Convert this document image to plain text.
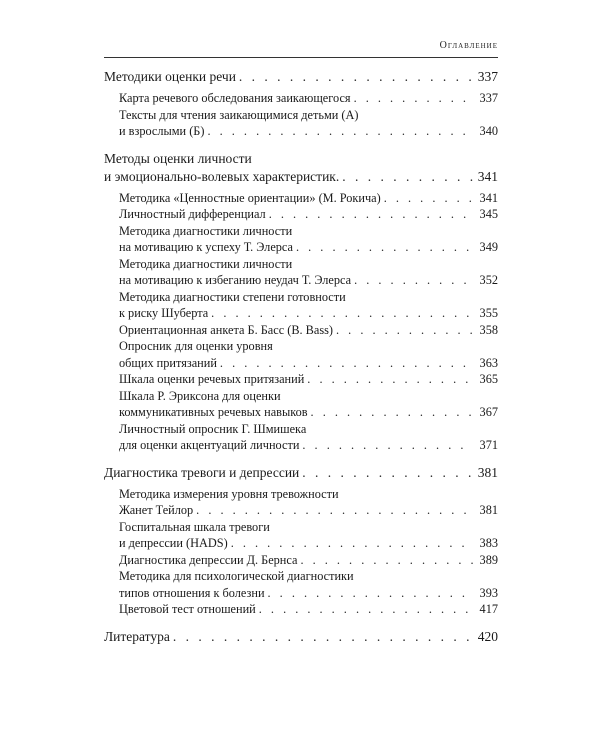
Оглавление
Методики оценки речи . . .	337
Карта речевого обследования заикающегося . . .	337
Тексты для чтения заикающимися детьми (А)
и взрослыми (Б) . . .	340
Методы оценки личности
и эмоционально-волевых характеристик. . . .	341
Методика «Ценностные ориентации» (М. Рокича) . . .	341
Личностный дифференциал . . .	345
Методика диагностики личности
на мотивацию к успеху Т. Элерса . . .	349
Методика диагностики личности
на мотивацию к избеганию неудач Т. Элерса . . .	352
Методика диагностики степени готовности
к риску Шуберта . . .	355
Ориентационная анкета Б. Басс (B. Bass) . . .	358
Опросник для оценки уровня
общих притязаний . . .	363
Шкала оценки речевых притязаний . . .	365
Шкала Р. Эриксона для оценки
коммуникативных речевых навыков . . .	367
Личностный опросник Г. Шмишека
для оценки акцентуаций личности . . .	371
Диагностика тревоги и депрессии . . .	381
Методика измерения уровня тревожности
Жанет Тейлор . . .	381
Госпитальная шкала тревоги
и депрессии (HADS) . . .	383
Диагностика депрессии Д. Бернса . . .	389
Методика для психологической диагностики
типов отношения к болезни . . .	393
Цветовой тест отношений . . .	417
Литература . . .	420
